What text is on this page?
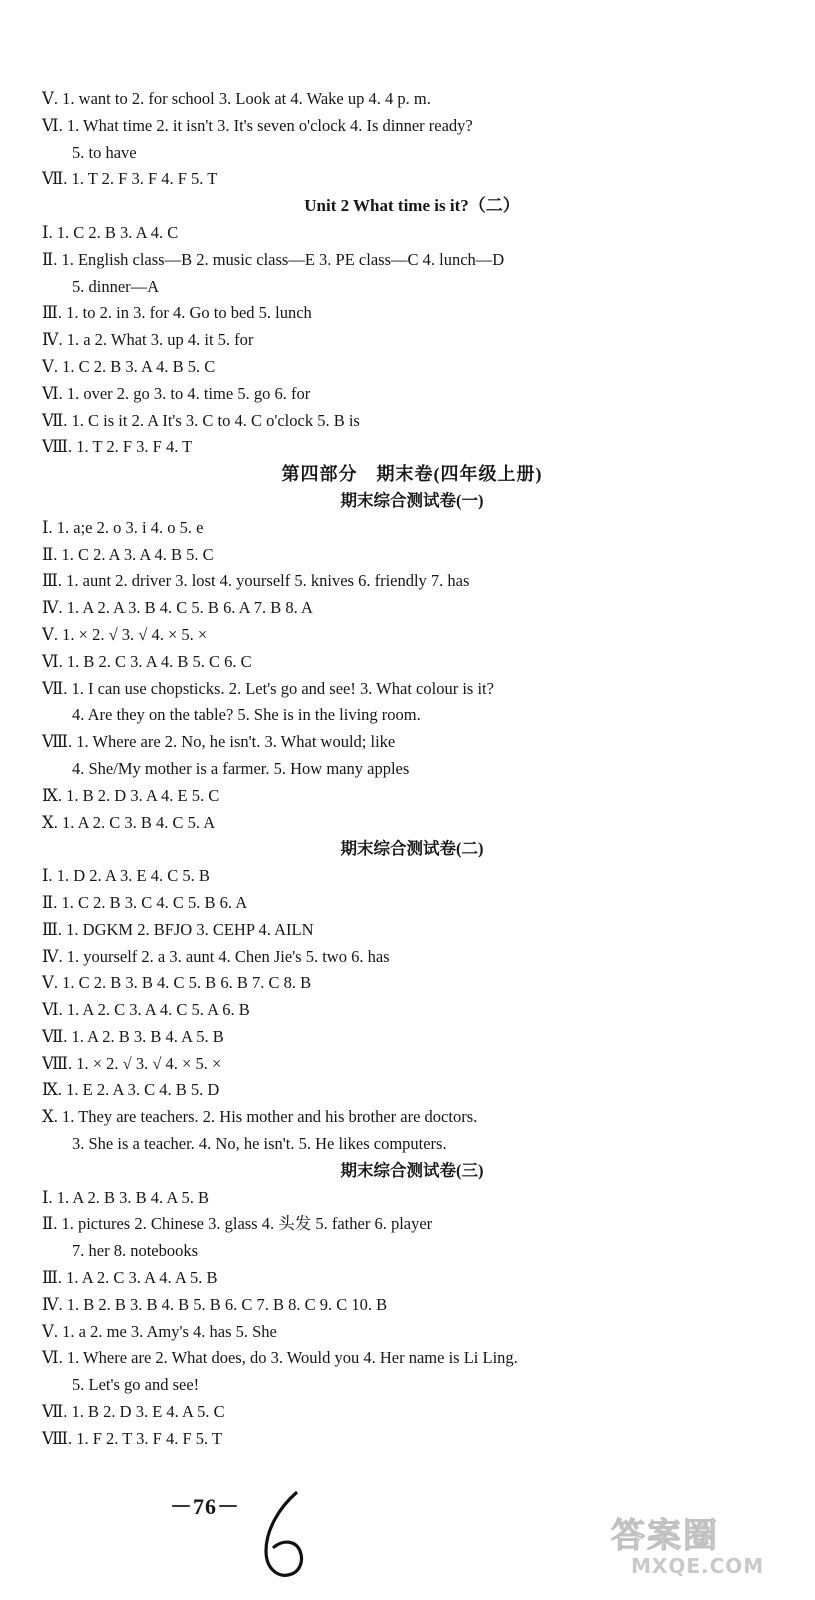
Ⅴ. 1. want to 2. for school 3. Look at 4. Wake up 4. 4 p. m.
Ⅵ. 1. What time 2. it isn't 3. It's seven o'clock 4. Is dinner ready?
5. to have
Ⅶ. 1. T 2. F 3. F 4. F 5. T
Unit 2 What time is it?（二）
Ⅰ. 1. C 2. B 3. A 4. C
Ⅱ. 1. English class—B 2. music class—E 3. PE class—C 4. lunch—D
5. dinner—A
Ⅲ. 1. to 2. in 3. for 4. Go to bed 5. lunch
Ⅳ. 1. a 2. What 3. up 4. it 5. for
Ⅴ. 1. C 2. B 3. A 4. B 5. C
Ⅵ. 1. over 2. go 3. to 4. time 5. go 6. for
Ⅶ. 1. C is it 2. A It's 3. C to 4. C o'clock 5. B is
Ⅷ. 1. T 2. F 3. F 4. T
第四部分　期末卷(四年级上册)
期末综合测试卷(一)
Ⅰ. 1. a;e 2. o 3. i 4. o 5. e
Ⅱ. 1. C 2. A 3. A 4. B 5. C
Ⅲ. 1. aunt 2. driver 3. lost 4. yourself 5. knives 6. friendly 7. has
Ⅳ. 1. A 2. A 3. B 4. C 5. B 6. A 7. B 8. A
Ⅴ. 1. × 2. √ 3. √ 4. × 5. ×
Ⅵ. 1. B 2. C 3. A 4. B 5. C 6. C
Ⅶ. 1. I can use chopsticks. 2. Let's go and see! 3. What colour is it?
4. Are they on the table? 5. She is in the living room.
Ⅷ. 1. Where are 2. No, he isn't. 3. What would; like
4. She/My mother is a farmer. 5. How many apples
Ⅸ. 1. B 2. D 3. A 4. E 5. C
Ⅹ. 1. A 2. C 3. B 4. C 5. A
期末综合测试卷(二)
Ⅰ. 1. D 2. A 3. E 4. C 5. B
Ⅱ. 1. C 2. B 3. C 4. C 5. B 6. A
Ⅲ. 1. DGKM 2. BFJO 3. CEHP 4. AILN
Ⅳ. 1. yourself 2. a 3. aunt 4. Chen Jie's 5. two 6. has
Ⅴ. 1. C 2. B 3. B 4. C 5. B 6. B 7. C 8. B
Ⅵ. 1. A 2. C 3. A 4. C 5. A 6. B
Ⅶ. 1. A 2. B 3. B 4. A 5. B
Ⅷ. 1. × 2. √ 3. √ 4. × 5. ×
Ⅸ. 1. E 2. A 3. C 4. B 5. D
Ⅹ. 1. They are teachers. 2. His mother and his brother are doctors.
3. She is a teacher. 4. No, he isn't. 5. He likes computers.
期末综合测试卷(三)
Ⅰ. 1. A 2. B 3. B 4. A 5. B
Ⅱ. 1. pictures 2. Chinese 3. glass 4. 头发 5. father 6. player
7. her 8. notebooks
Ⅲ. 1. A 2. C 3. A 4. A 5. B
Ⅳ. 1. B 2. B 3. B 4. B 5. B 6. C 7. B 8. C 9. C 10. B
Ⅴ. 1. a 2. me 3. Amy's 4. has 5. She
Ⅵ. 1. Where are 2. What does, do 3. Would you 4. Her name is Li Ling.
5. Let's go and see!
Ⅶ. 1. B 2. D 3. E 4. A 5. C
Ⅷ. 1. F 2. T 3. F 4. F 5. T
－76－
答案圈
MXQE.COM
